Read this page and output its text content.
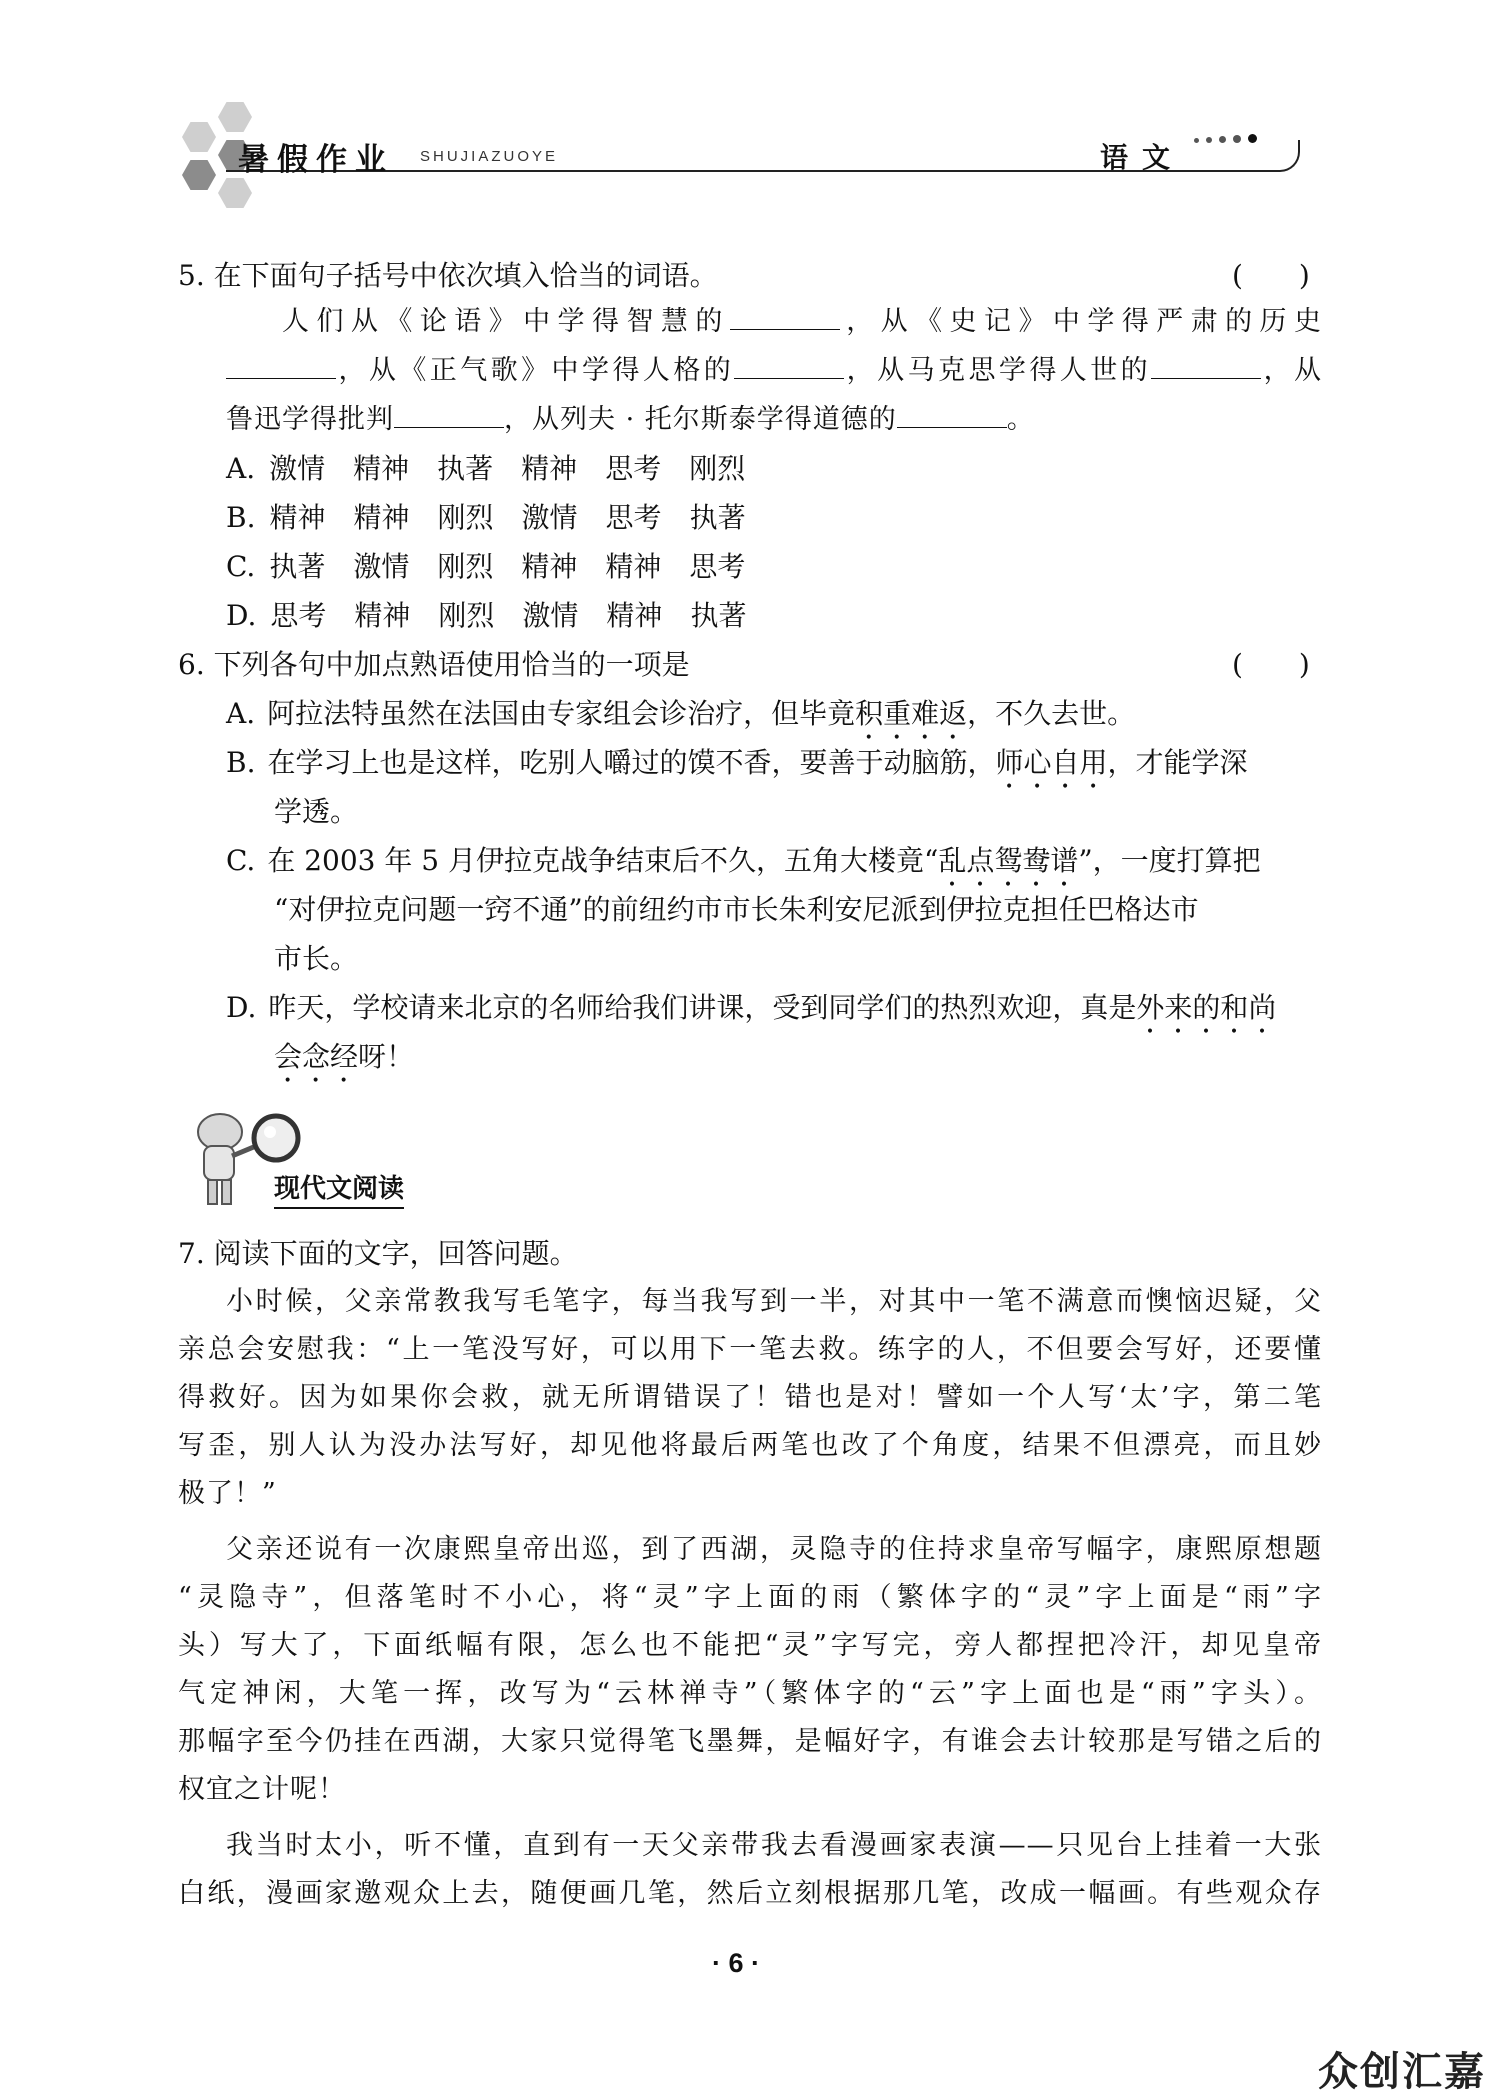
暑假作业 SHUJIAZUOYE	语文
5. 在下面句子括号中依次填入恰当的词语。	(　　)
人们从《论语》中学得智慧的	，从《史记》中学得严肃的历史
，从《正气歌》中学得人格的	，从马克思学得人世的	，从
鲁迅学得批判	，从列夫 · 托尔斯泰学得道德的	。
A. 激情 精神 执著 精神 思考 刚烈
B. 精神 精神 刚烈 激情 思考 执著
C. 执著 激情 刚烈 精神 精神 思考
D. 思考 精神 刚烈 激情 精神 执著
6. 下列各句中加点熟语使用恰当的一项是	(　　)
A. 阿拉法特虽然在法国由专家组会诊治疗，但毕竟积重难返，不久去世。
B. 在学习上也是这样，吃别人嚼过的馍不香，要善于动脑筋，师心自用，才能学深
学透。
C. 在 2003 年 5 月伊拉克战争结束后不久，五角大楼竟“乱点鸳鸯谱”，一度打算把
“对伊拉克问题一窍不通”的前纽约市市长朱利安尼派到伊拉克担任巴格达市
市长。
D. 昨天，学校请来北京的名师给我们讲课，受到同学们的热烈欢迎，真是外来的和尚
会念经呀！
现代文阅读
7. 阅读下面的文字，回答问题。
小时候，父亲常教我写毛笔字，每当我写到一半，对其中一笔不满意而懊恼迟疑，父
亲总会安慰我：“上一笔没写好，可以用下一笔去救。练字的人，不但要会写好，还要懂
得救好。因为如果你会救，就无所谓错误了！错也是对！譬如一个人写‘太’字，第二笔
写歪，别人认为没办法写好，却见他将最后两笔也改了个角度，结果不但漂亮，而且妙
极了！”
父亲还说有一次康熙皇帝出巡，到了西湖，灵隐寺的住持求皇帝写幅字，康熙原想题
“灵隐寺”，但落笔时不小心，将“灵”字上面的雨（繁体字的“灵”字上面是“雨”字
头）写大了，下面纸幅有限，怎么也不能把“灵”字写完，旁人都捏把冷汗，却见皇帝
气定神闲，大笔一挥，改写为“云林禅寺”（繁体字的“云”字上面也是“雨”字头）。
那幅字至今仍挂在西湖，大家只觉得笔飞墨舞，是幅好字，有谁会去计较那是写错之后的
权宜之计呢！
我当时太小，听不懂，直到有一天父亲带我去看漫画家表演——只见台上挂着一大张
白纸，漫画家邀观众上去，随便画几笔，然后立刻根据那几笔，改成一幅画。有些观众存
· 6 ·
众创汇嘉
